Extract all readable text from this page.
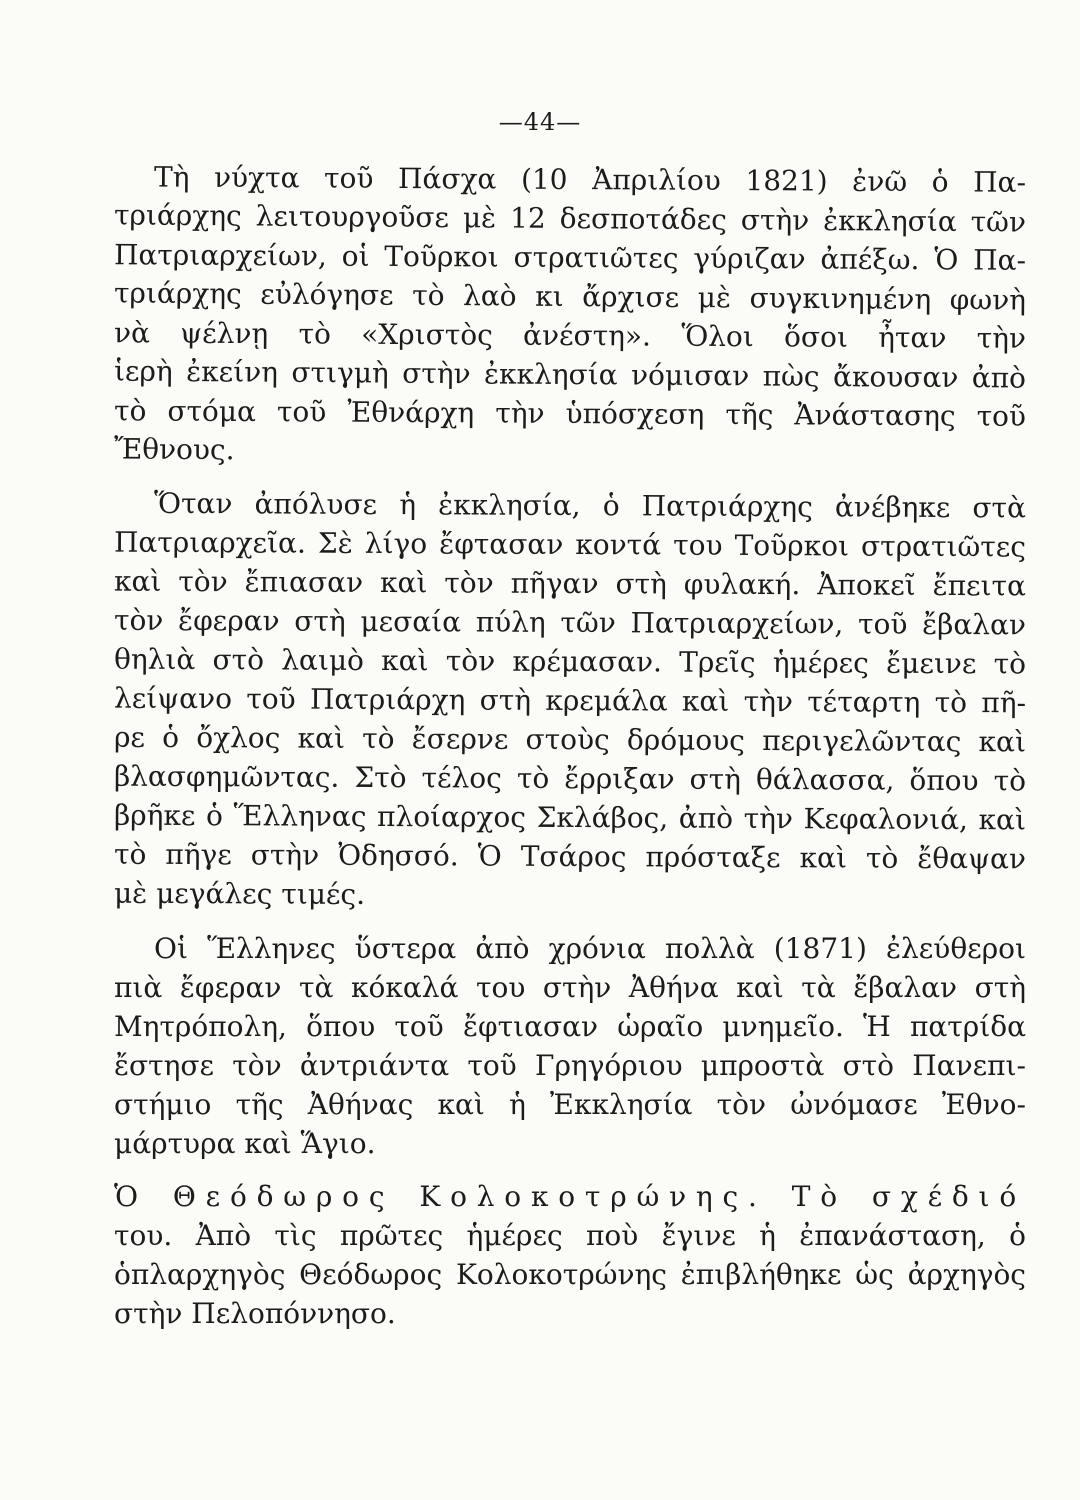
—44—
Τὴ νύχτα τοῦ Πάσχα (10 Ἀπριλίου 1821) ἐνῶ ὁ Πα-
τριάρχης λειτουργοῦσε μὲ 12 δεσποτάδες στὴν ἐκκλησία τῶν
Πατριαρχείων, οἱ Τοῦρκοι στρατιῶτες γύριζαν ἀπέξω. Ὁ Πα-
τριάρχης εὐλόγησε τὸ λαὸ κι ἄρχισε μὲ συγκινημένη φωνὴ
νὰ ψέλνῃ τὸ «Χριστὸς ἀνέστη». Ὅλοι ὅσοι ἦταν τὴν
ἱερὴ ἐκείνη στιγμὴ στὴν ἐκκλησία νόμισαν πὼς ἄκουσαν ἀπὸ
τὸ στόμα τοῦ Ἐθνάρχη τὴν ὑπόσχεση τῆς Ἀνάστασης τοῦ
Ἔθνους.
Ὅταν ἀπόλυσε ἡ ἐκκλησία, ὁ Πατριάρχης ἀνέβηκε στὰ
Πατριαρχεῖα. Σὲ λίγο ἔφτασαν κοντά του Τοῦρκοι στρατιῶτες
καὶ τὸν ἔπιασαν καὶ τὸν πῆγαν στὴ φυλακή. Ἀποκεῖ ἔπειτα
τὸν ἔφεραν στὴ μεσαία πύλη τῶν Πατριαρχείων, τοῦ ἔβαλαν
θηλιὰ στὸ λαιμὸ καὶ τὸν κρέμασαν. Τρεῖς ἡμέρες ἔμεινε τὸ
λείψανο τοῦ Πατριάρχη στὴ κρεμάλα καὶ τὴν τέταρτη τὸ πῆ-
ρε ὁ ὄχλος καὶ τὸ ἔσερνε στοὺς δρόμους περιγελῶντας καὶ
βλασφημῶντας. Στὸ τέλος τὸ ἔρριξαν στὴ θάλασσα, ὅπου τὸ
βρῆκε ὁ Ἕλληνας πλοίαρχος Σκλάβος, ἀπὸ τὴν Κεφαλονιά, καὶ
τὸ πῆγε στὴν Ὀδησσό. Ὁ Τσάρος πρόσταξε καὶ τὸ ἔθαψαν
μὲ μεγάλες τιμές.
Οἱ Ἕλληνες ὕστερα ἀπὸ χρόνια πολλὰ (1871) ἐλεύθεροι
πιὰ ἔφεραν τὰ κόκαλά του στὴν Ἀθήνα καὶ τὰ ἔβαλαν στὴ
Μητρόπολη, ὅπου τοῦ ἔφτιασαν ὡραῖο μνημεῖο. Ἡ πατρίδα
ἔστησε τὸν ἀντριάντα τοῦ Γρηγόριου μπροστὰ στὸ Πανεπι-
στήμιο τῆς Ἀθήνας καὶ ἡ Ἐκκλησία τὸν ὠνόμασε Ἐθνο-
μάρτυρα καὶ Ἅγιο.
Ὁ Θεόδωρος Κολοκοτρώνης. Τὸ σχέδιό
του. Ἀπὸ τὶς πρῶτες ἡμέρες ποὺ ἔγινε ἡ ἐπανάσταση, ὁ
ὁπλαρχηγὸς Θεόδωρος Κολοκοτρώνης ἐπιβλήθηκε ὡς ἀρχηγὸς
στὴν Πελοπόννησο.
